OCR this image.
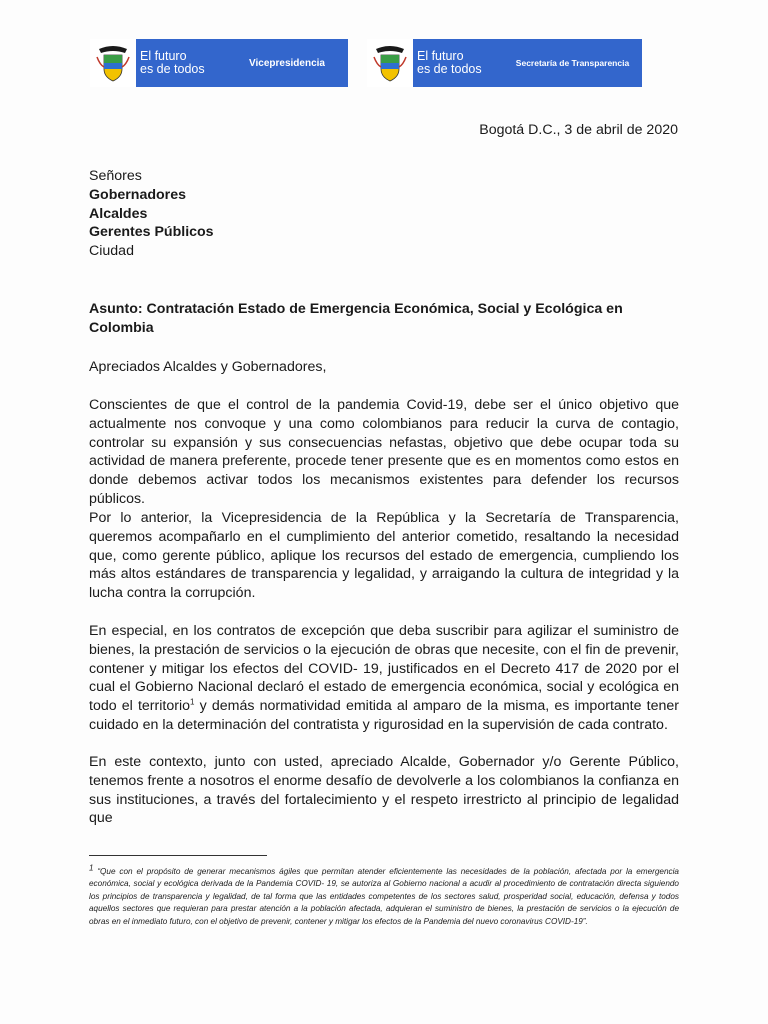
El futuro
es de todos	Vicepresidencia	El futuro
es de todos	Secretaría de Transparencia
Bogotá D.C., 3 de abril de 2020
Señores
Gobernadores
Alcaldes
Gerentes Públicos
Ciudad
Asunto: Contratación Estado de Emergencia Económica, Social y Ecológica en Colombia
Apreciados Alcaldes y Gobernadores,
Conscientes de que el control de la pandemia Covid-19, debe ser el único objetivo que actualmente nos convoque y una como colombianos para reducir la curva de contagio, controlar su expansión y sus consecuencias nefastas, objetivo que debe ocupar toda su actividad de manera preferente, procede tener presente que es en momentos como estos en donde debemos activar todos los mecanismos existentes para defender los recursos públicos.
Por lo anterior, la Vicepresidencia de la República y la Secretaría de Transparencia, queremos acompañarlo en el cumplimiento del anterior cometido, resaltando la necesidad que, como gerente público, aplique los recursos del estado de emergencia, cumpliendo los más altos estándares de transparencia y legalidad, y arraigando la cultura de integridad y la lucha contra la corrupción.
En especial, en los contratos de excepción que deba suscribir para agilizar el suministro de bienes, la prestación de servicios o la ejecución de obras que necesite, con el fin de prevenir, contener y mitigar los efectos del COVID- 19, justificados en el Decreto 417 de 2020 por el cual el Gobierno Nacional declaró el estado de emergencia económica, social y ecológica en todo el territorio$^1$ y demás normatividad emitida al amparo de la misma, es importante tener cuidado en la determinación del contratista y rigurosidad en la supervisión de cada contrato.
En este contexto, junto con usted, apreciado Alcalde, Gobernador y/o Gerente Público, tenemos frente a nosotros el enorme desafío de devolverle a los colombianos la confianza en sus instituciones, a través del fortalecimiento y el respeto irrestricto al principio de legalidad que
1 “Que con el propósito de generar mecanismos ágiles que permitan atender eficientemente las necesidades de la población, afectada por la emergencia económica, social y ecológica derivada de la Pandemia COVID- 19, se autoriza al Gobierno nacional a acudir al procedimiento de contratación directa siguiendo los principios de transparencia y legalidad, de tal forma que las entidades competentes de los sectores salud, prosperidad social, educación, defensa y todos aquellos sectores que requieran para prestar atención a la población afectada, adquieran el suministro de bienes, la prestación de servicios o la ejecución de obras en el inmediato futuro, con el objetivo de prevenir, contener y mitigar los efectos de la Pandemia del nuevo coronavirus COVID-19”.
